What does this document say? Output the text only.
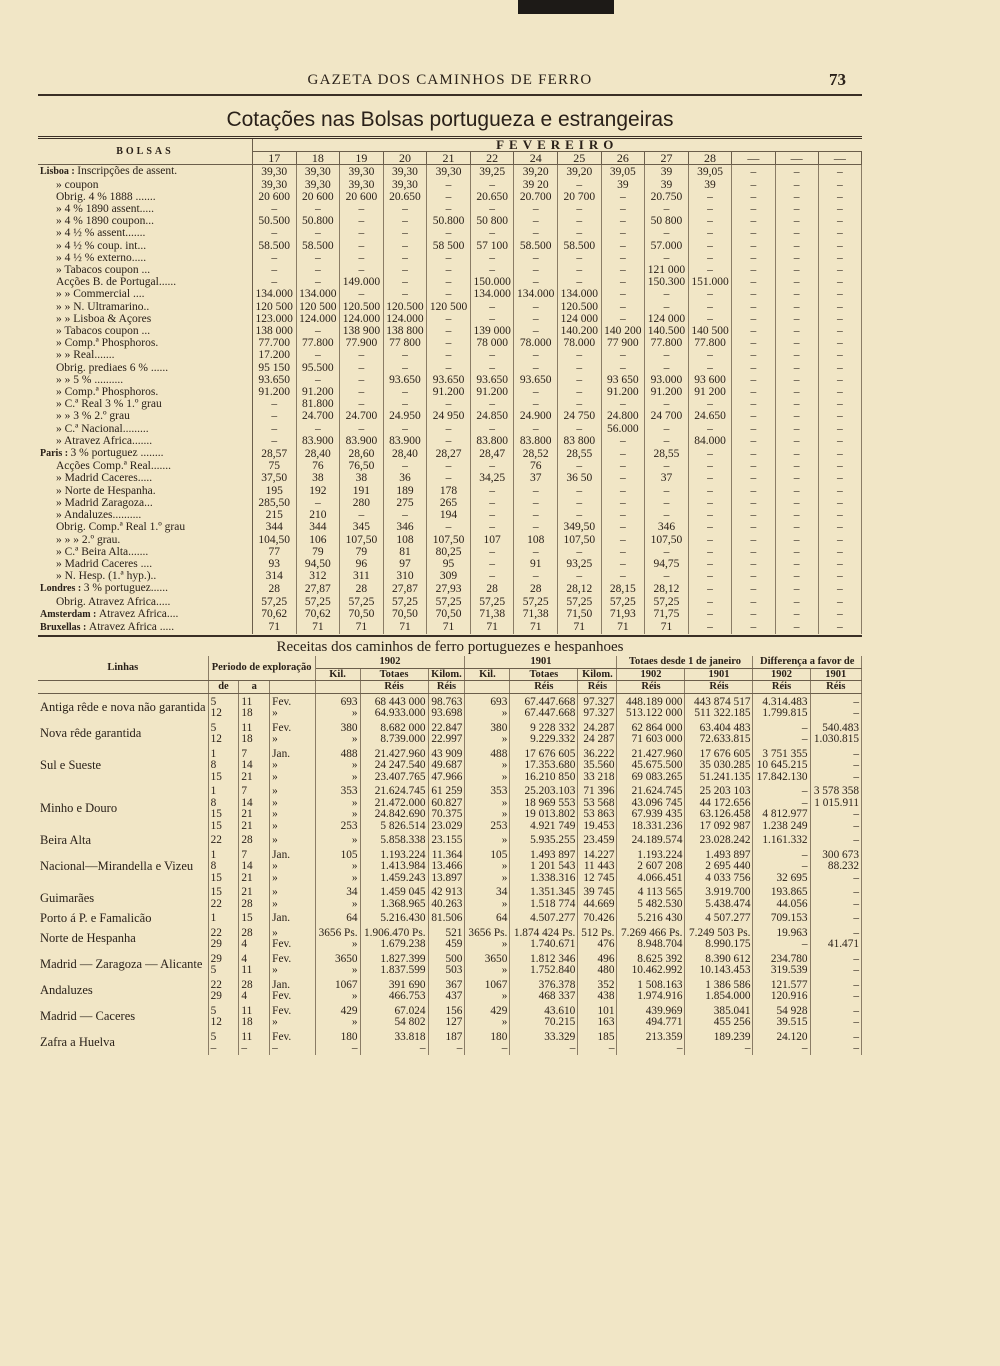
GAZETA DOS CAMINHOS DE FERRO	73
Cotações nas Bolsas portugueza e estrangeiras
BOLSAS	FEVEREIRO													
	17	18	19	20	21	22	24	25	26	27	28	—	—	—
Lisboa : Inscripções de assent.	39,30	39,30	39,30	39,30	39,30	39,25	39,20	39,20	39,05	39	39,05	–	–	–
» coupon	39,30	39,30	39,30	39,30	–	–	39 20	–	39	39	39	–	–	–
Obrig. 4 % 1888 .......	20 600	20 600	20 600	20.650	–	20.650	20.700	20 700	–	20.750	–	–	–	–
» 4 % 1890 assent.....	–	–	–	–	–	–	–	–	–	–	–	–	–	–
» 4 % 1890 coupon...	50.500	50.800	–	–	50.800	50 800	–	–	–	50 800	–	–	–	–
» 4 ½ % assent.......	–	–	–	–	–	–	–	–	–	–	–	–	–	–
» 4 ½ % coup. int...	58.500	58.500	–	–	58 500	57 100	58.500	58.500	–	57.000	–	–	–	–
» 4 ½ % externo.....	–	–	–	–	–	–	–	–	–	–	–	–	–	–
» Tabacos coupon ...	–	–	–	–	–	–	–	–	–	121 000	–	–	–	–
Acções B. de Portugal......	–	–	149.000	–	–	150.000	–	–	–	150.300	151.000	–	–	–
» » Commercial ....	134.000	134.000	–	–	–	134.000	134.000	134.000	–	–	–	–	–	–
» » N. Ultramarino..	120 500	120 500	120.500	120.500	120 500	–	–	120.500	–	–	–	–	–	–
» » Lisboa & Açores	123.000	124.000	124.000	124.000	–	–	–	124 000	–	124 000	–	–	–	–
» Tabacos coupon ...	138 000	–	138 900	138 800	–	139 000	–	140.200	140 200	140.500	140 500	–	–	–
» Comp.ª Phosphoros.	77.700	77.800	77.900	77 800	–	78 000	78.000	78.000	77 900	77.800	77.800	–	–	–
» » Real.......	17.200	–	–	–	–	–	–	–	–	–	–	–	–	–
Obrig. prediaes 6 % ......	95 150	95.500	–	–	–	–	–	–	–	–	–	–	–	–
» » 5 % ..........	93.650	–	–	93.650	93.650	93.650	93.650	–	93 650	93.000	93 600	–	–	–
» Comp.ª Phosphoros.	91.200	91.200	–	–	91.200	91.200	–	–	91.200	91.200	91 200	–	–	–
» C.ª Real 3 % 1.º grau	–	81.800	–	–	–	–	–	–	–	–	–	–	–	–
» » 3 % 2.º grau	–	24.700	24.700	24.950	24 950	24.850	24.900	24 750	24.800	24 700	24.650	–	–	–
» C.ª Nacional.........	–	–	–	–	–	–	–	–	56.000	–	–	–	–	–
» Atravez Africa.......	–	83.900	83.900	83.900	–	83.800	83.800	83 800	–	–	84.000	–	–	–
Paris : 3 % portuguez ........	28,57	28,40	28,60	28,40	28,27	28,47	28,52	28,55	–	28,55	–	–	–	–
Acções Comp.ª Real.......	75	76	76,50	–	–	–	76	–	–	–	–	–	–	–
» Madrid Caceres.....	37,50	38	38	36	–	34,25	37	36 50	–	37	–	–	–	–
» Norte de Hespanha.	195	192	191	189	178	–	–	–	–	–	–	–	–	–
» Madrid Zaragoza...	285,50	–	280	275	265	–	–	–	–	–	–	–	–	–
» Andaluzes..........	215	210	–	–	194	–	–	–	–	–	–	–	–	–
Obrig. Comp.ª Real 1.º grau	344	344	345	346	–	–	–	349,50	–	346	–	–	–	–
» » » 2.º grau.	104,50	106	107,50	108	107,50	107	108	107,50	–	107,50	–	–	–	–
» C.ª Beira Alta.......	77	79	79	81	80,25	–	–	–	–	–	–	–	–	–
» Madrid Caceres ....	93	94,50	96	97	95	–	91	93,25	–	94,75	–	–	–	–
» N. Hesp. (1.ª hyp.)..	314	312	311	310	309	–	–	–	–	–	–	–	–	–
Londres : 3 % portuguez......	28	27,87	28	27,87	27,93	28	28	28,12	28,15	28,12	–	–	–	–
Obrig. Atravez Africa.....	57,25	57,25	57,25	57,25	57,25	57,25	57,25	57,25	57,25	57,25	–	–	–	–
Amsterdam : Atravez Africa....	70,62	70,62	70,50	70,50	70,50	71,38	71,38	71,50	71,93	71,75	–	–	–	–
Bruxellas : Atravez Africa .....	71	71	71	71	71	71	71	71	71	71	–	–	–	–
Receitas dos caminhos de ferro portuguezes e hespanhoes
Linhas	Periodo de exploração			1902			1901			Totaes desde 1 de janeiro		Differença a favor de	
				Kil.	Totaes	Kilom.	Kil.	Totaes	Kilom.	1902	1901	1902	1901
	de	a			Réis	Réis		Réis	Réis	Réis	Réis	Réis	Réis
Antiga rêde e nova não garantida	5	11	Fev.	693	68 443 000	98.763	693	67.447.668	97.327	448.189 000	443 874 517	4.314.483	–
	12	18	»	»	64.933.000	93.698	»	67.447.668	97.327	513.122 000	511 322.185	1.799.815	–
Nova rêde garantida	5	11	Fev.	380	8.682 000	22.847	380	9 228 332	24.287	62 864 000	63.404 483	–	540.483
	12	18	»	»	8.739.000	22.997	»	9.229.332	24 287	71 603 000	72.633.815	–	1.030.815
Sul e Sueste	1	7	Jan.	488	21.427.960	43 909	488	17 676 605	36.222	21.427.960	17 676 605	3 751 355	–
	8	14	»	»	24 247.540	49.687	»	17.353.680	35.560	45.675.500	35 030.285	10 645.215	–
	15	21	»	»	23.407.765	47.966	»	16.210 850	33 218	69 083.265	51.241.135	17.842.130	–
Minho e Douro	1	7	»	353	21.624.745	61 259	353	25.203.103	71 396	21.624.745	25 203 103	–	3 578 358
	8	14	»	»	21.472.000	60.827	»	18 969 553	53 568	43.096 745	44 172.656	–	1 015.911
	15	21	»	»	24.842.690	70.375	»	19 013.802	53 863	67.939 435	63.126.458	4 812.977	–
	15	21	»	253	5 826.514	23.029	253	4.921 749	19.453	18.331.236	17 092 987	1.238 249	–
Beira Alta	22	28	»	»	5.858.338	23.155	»	5.935.255	23.459	24.189.574	23.028.242	1.161.332	–
Nacional—Mirandella e Vizeu	1	7	Jan.	105	1.193.224	11.364	105	1.493 897	14.227	1.193.224	1.493 897	–	300 673
	8	14	»	»	1.413.984	13.466	»	1 201 543	11 443	2 607 208	2 695 440	–	88.232
	15	21	»	»	1.459.243	13.897	»	1.338.316	12 745	4.066.451	4 033 756	32 695	–
Guimarães	15	21	»	34	1.459 045	42 913	34	1.351.345	39 745	4 113 565	3.919.700	193.865	–
	22	28	»	»	1.368.965	40.263	»	1.518 774	44.669	5 482.530	5.438.474	44.056	–
Porto á P. e Famalicão	1	15	Jan.	64	5.216.430	81.506	64	4.507.277	70.426	5.216 430	4 507.277	709.153	–
Norte de Hespanha	22	28	»	3656 Ps.	1.906.470 Ps.	521	3656 Ps.	1.874 424 Ps.	512 Ps.	7.269 466 Ps.	7.249 503 Ps.	19.963	–
	29	4	Fev.	»	1.679.238	459	»	1.740.671	476	8.948.704	8.990.175	–	41.471
Madrid — Zaragoza — Alicante	29	4	Fev.	3650	1.827.399	500	3650	1.812 346	496	8.625 392	8.390 612	234.780	–
	5	11	»	»	1.837.599	503	»	1.752.840	480	10.462.992	10.143.453	319.539	–
Andaluzes	22	28	Jan.	1067	391 690	367	1067	376.378	352	1 508.163	1 386 586	121.577	–
	29	4	Fev.	»	466.753	437	»	468 337	438	1.974.916	1.854.000	120.916	–
Madrid — Caceres	5	11	Fev.	429	67.024	156	429	43.610	101	439.969	385.041	54 928	–
	12	18	»	»	54 802	127	»	70.215	163	494.771	455 256	39.515	–
Zafra a Huelva	5	11	Fev.	180	33.818	187	180	33.329	185	213.359	189.239	24.120	–
	–	–	–	–	–	–	–	–	–	–	–	–	–
